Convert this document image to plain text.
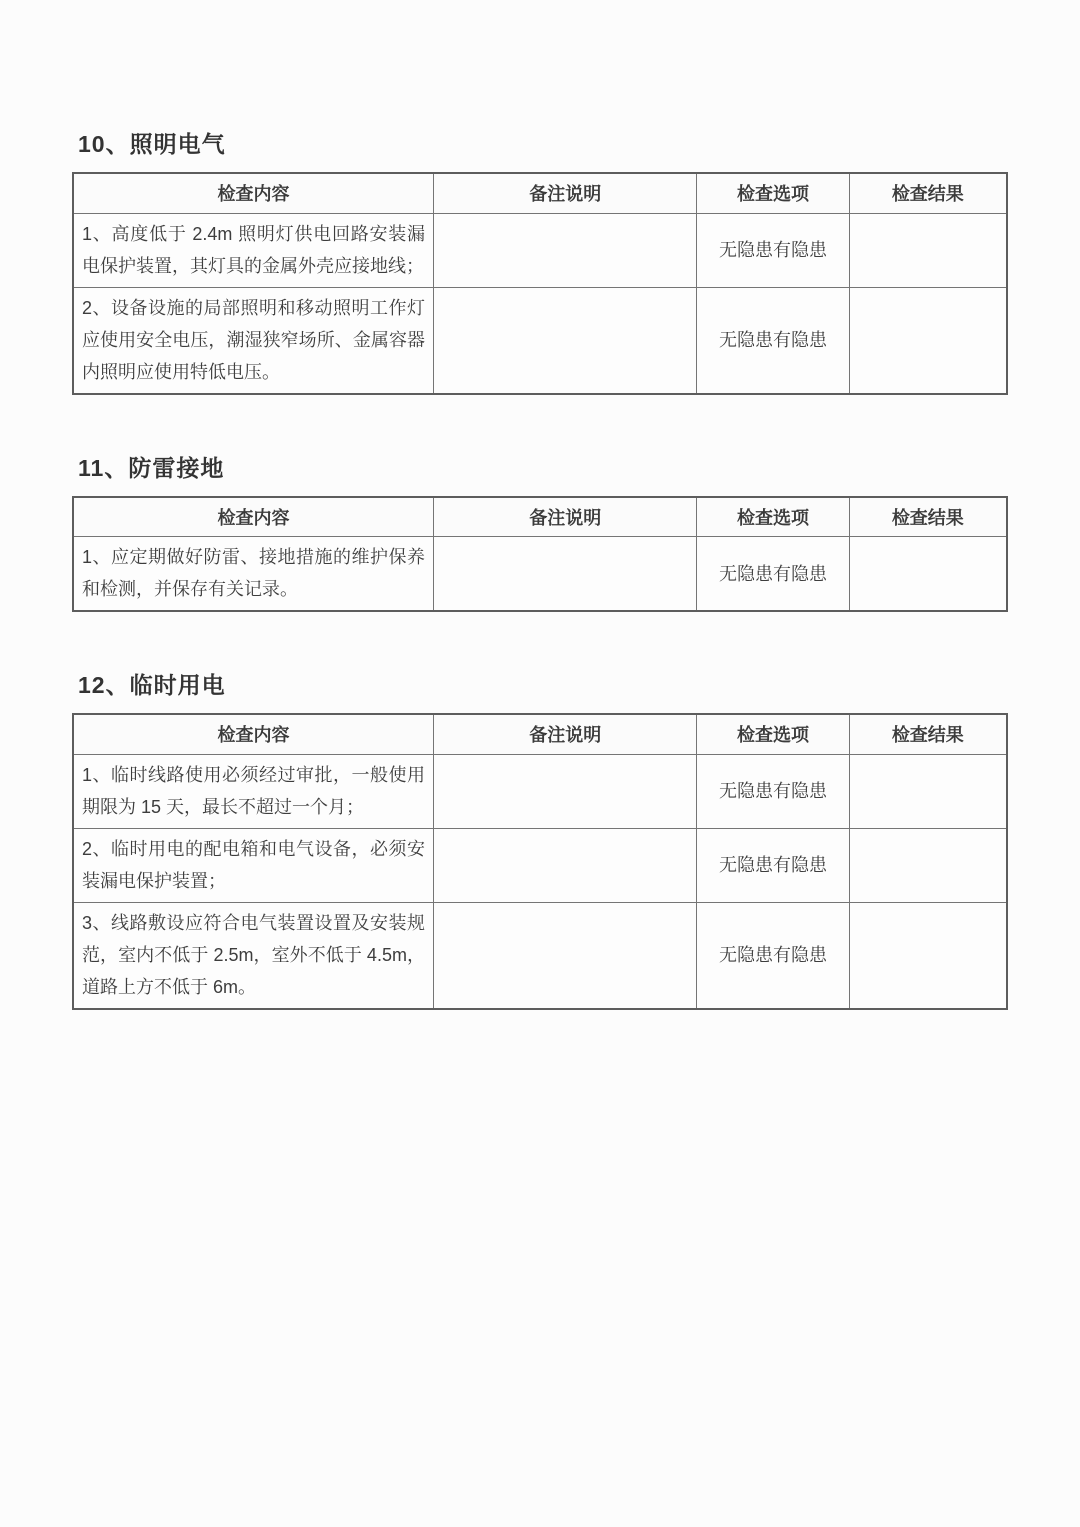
10、照明电气
检查内容	备注说明	检查选项	检查结果
1、高度低于 2.4m 照明灯供电回路安装漏电保护装置，其灯具的金属外壳应接地线；		无隐患有隐患	
2、设备设施的局部照明和移动照明工作灯应使用安全电压，潮湿狭窄场所、金属容器内照明应使用特低电压。		无隐患有隐患	
11、防雷接地
检查内容	备注说明	检查选项	检查结果
1、应定期做好防雷、接地措施的维护保养和检测，并保存有关记录。		无隐患有隐患	
12、临时用电
检查内容	备注说明	检查选项	检查结果
1、临时线路使用必须经过审批，一般使用期限为 15 天，最长不超过一个月；		无隐患有隐患	
2、临时用电的配电箱和电气设备，必须安装漏电保护装置；		无隐患有隐患	
3、线路敷设应符合电气装置设置及安装规范，室内不低于 2.5m，室外不低于 4.5m，道路上方不低于 6m。		无隐患有隐患	
